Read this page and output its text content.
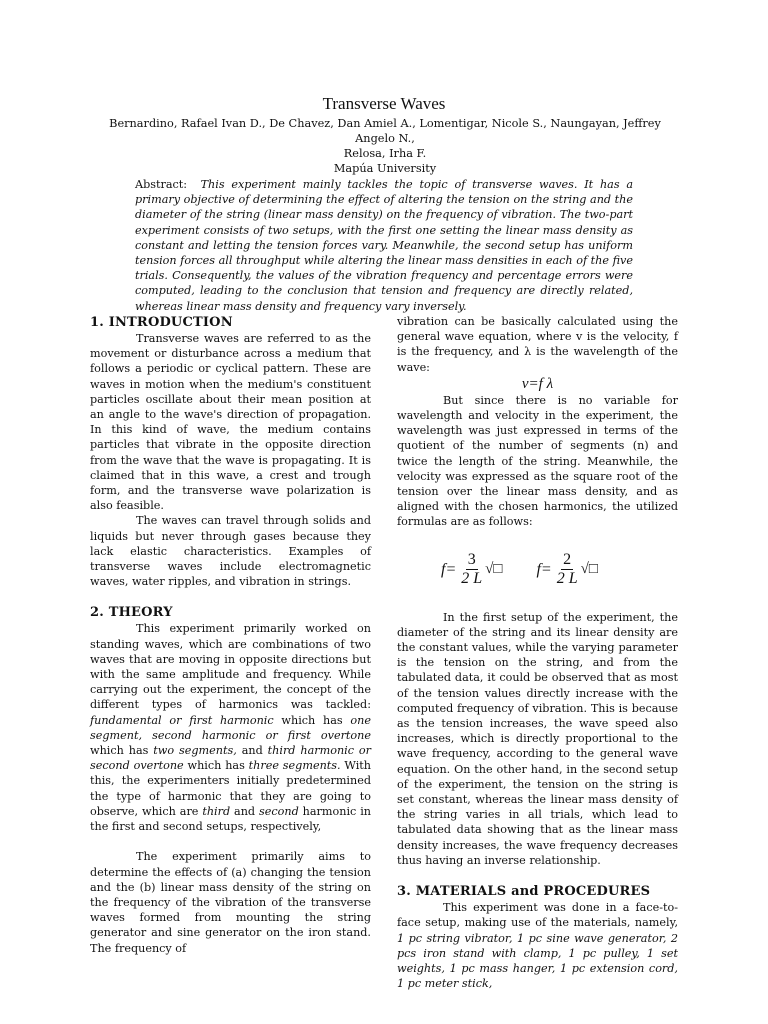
Transverse Waves
Bernardino, Rafael Ivan D., De Chavez, Dan Amiel A., Lomentigar, Nicole S., Naungayan, Jeffrey Angelo N.,
Relosa, Irha F.
Mapúa University
Abstract: This experiment mainly tackles the topic of transverse waves. It has a primary objective of determining the effect of altering the tension on the string and the diameter of the string (linear mass density) on the frequency of vibration. The two-part experiment consists of two setups, with the first one setting the linear mass density as constant and letting the tension forces vary. Meanwhile, the second setup has uniform tension forces all throughput while altering the linear mass densities in each of the five trials. Consequently, the values of the vibration frequency and percentage errors were computed, leading to the conclusion that tension and frequency are directly related, whereas linear mass density and frequency vary inversely.
1. INTRODUCTION

Transverse waves are referred to as the movement or disturbance across a medium that follows a periodic or cyclical pattern. These are waves in motion when the medium's constituent particles oscillate about their mean position at an angle to the wave's direction of propagation. In this kind of wave, the medium contains particles that vibrate in the opposite direction from the wave that the wave is propagating. It is claimed that in this wave, a crest and trough form, and the transverse wave polarization is also feasible.

The waves can travel through solids and liquids but never through gases because they lack elastic characteristics. Examples of transverse waves include electromagnetic waves, water ripples, and vibration in strings.

2. THEORY

This experiment primarily worked on standing waves, which are combinations of two waves that are moving in opposite directions but with the same amplitude and frequency. While carrying out the experiment, the concept of the different types of harmonics was tackled: fundamental or first harmonic which has one segment, second harmonic or first overtone which has two segments, and third harmonic or second overtone which has three segments. With this, the experimenters initially predetermined the type of harmonic that they are going to observe, which are third and second harmonic in the first and second setups, respectively,

The experiment primarily aims to determine the effects of (a) changing the tension and the (b) linear mass density of the string on the frequency of the vibration of the transverse waves formed from mounting the string generator and sine generator on the iron stand. The frequency of

vibration can be basically calculated using the general wave equation, where v is the velocity, f is the frequency, and λ is the wavelength of the wave:

v=f λ

But since there is no variable for wavelength and velocity in the experiment, the wavelength was just expressed in terms of the quotient of the number of segments (n) and twice the length of the string. Meanwhile, the velocity was expressed as the square root of the tension over the linear mass density, and as aligned with the chosen harmonics, the utilized formulas are as follows:

$f= \frac{3}{2 L}$ √□ $f= \frac{2}{2 L}$ √□

In the first setup of the experiment, the diameter of the string and its linear density are the constant values, while the varying parameter is the tension on the string, and from the tabulated data, it could be observed that as most of the tension values directly increase with the computed frequency of vibration. This is because as the tension increases, the wave speed also increases, which is directly proportional to the wave frequency, according to the general wave equation. On the other hand, in the second setup of the experiment, the tension on the string is set constant, whereas the linear mass density of the string varies in all trials, which lead to tabulated data showing that as the linear mass density increases, the wave frequency decreases thus having an inverse relationship.

3. MATERIALS and PROCEDURES

This experiment was done in a face-to-face setup, making use of the materials, namely, 1 pc string vibrator, 1 pc sine wave generator, 2 pcs iron stand with clamp, 1 pc pulley, 1 set weights, 1 pc mass hanger, 1 pc extension cord, 1 pc meter stick,
